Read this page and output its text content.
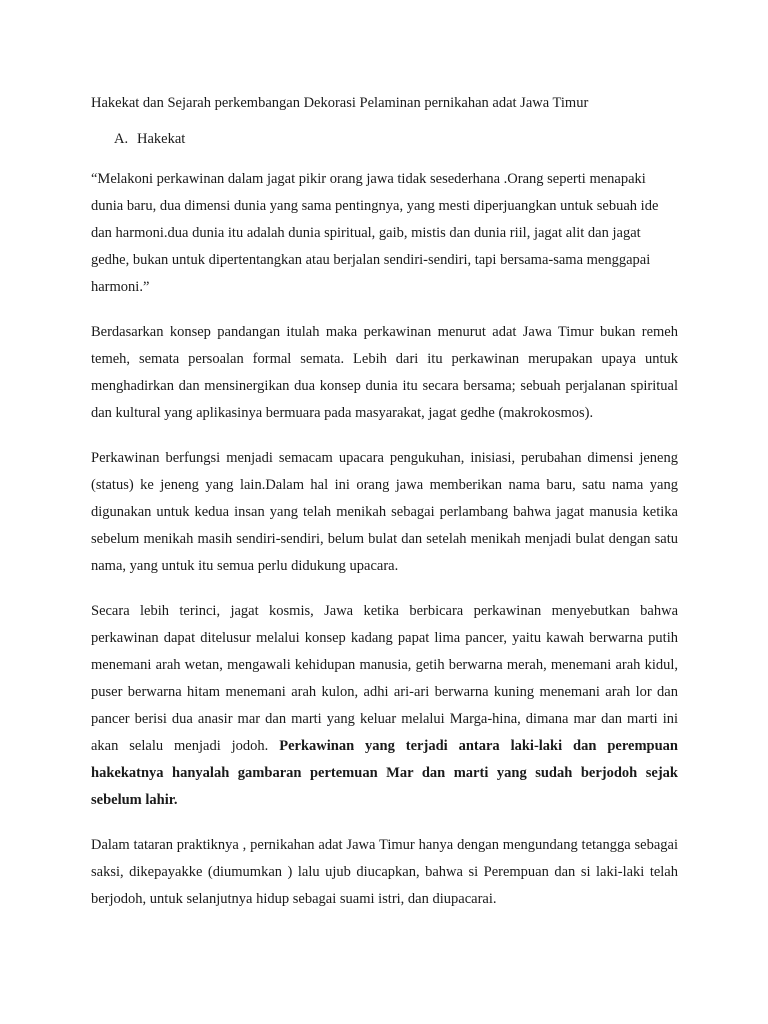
Hakekat dan Sejarah perkembangan Dekorasi Pelaminan pernikahan adat Jawa Timur
A. Hakekat

“Melakoni perkawinan dalam jagat pikir orang jawa tidak sesederhana .Orang seperti menapaki dunia baru, dua dimensi dunia yang sama pentingnya, yang mesti diperjuangkan untuk sebuah ide dan harmoni.dua dunia itu adalah dunia spiritual, gaib, mistis dan dunia riil, jagat alit dan jagat gedhe, bukan untuk dipertentangkan atau berjalan sendiri-sendiri, tapi bersama-sama menggapai harmoni.”

Berdasarkan konsep pandangan itulah maka perkawinan menurut adat Jawa Timur bukan remeh temeh, semata persoalan formal semata. Lebih dari itu perkawinan merupakan upaya untuk menghadirkan dan mensinergikan dua konsep dunia itu secara bersama; sebuah perjalanan spiritual dan kultural yang aplikasinya bermuara pada masyarakat, jagat gedhe (makrokosmos).

Perkawinan berfungsi menjadi semacam upacara pengukuhan, inisiasi, perubahan dimensi jeneng (status) ke jeneng yang lain.Dalam hal ini orang jawa memberikan nama baru, satu nama yang digunakan untuk kedua insan yang telah menikah sebagai perlambang bahwa jagat manusia ketika sebelum menikah masih sendiri-sendiri, belum bulat dan setelah menikah menjadi bulat dengan satu nama, yang untuk itu semua perlu didukung upacara.

Secara lebih terinci, jagat kosmis, Jawa ketika berbicara perkawinan menyebutkan bahwa perkawinan dapat ditelusur melalui konsep kadang papat lima pancer, yaitu kawah berwarna putih menemani arah wetan, mengawali kehidupan manusia, getih berwarna merah, menemani arah kidul, puser berwarna hitam menemani arah kulon, adhi ari-ari berwarna kuning menemani arah lor dan pancer berisi dua anasir mar dan marti yang keluar melalui Marga-hina, dimana mar dan marti ini akan selalu menjadi jodoh. Perkawinan yang terjadi antara laki-laki dan perempuan hakekatnya hanyalah gambaran pertemuan Mar dan marti yang sudah berjodoh sejak sebelum lahir.

Dalam tataran praktiknya , pernikahan adat Jawa Timur hanya dengan mengundang tetangga sebagai saksi, dikepayakke (diumumkan ) lalu ujub diucapkan, bahwa si Perempuan dan si laki-laki telah berjodoh, untuk selanjutnya hidup sebagai suami istri, dan diupacarai.
